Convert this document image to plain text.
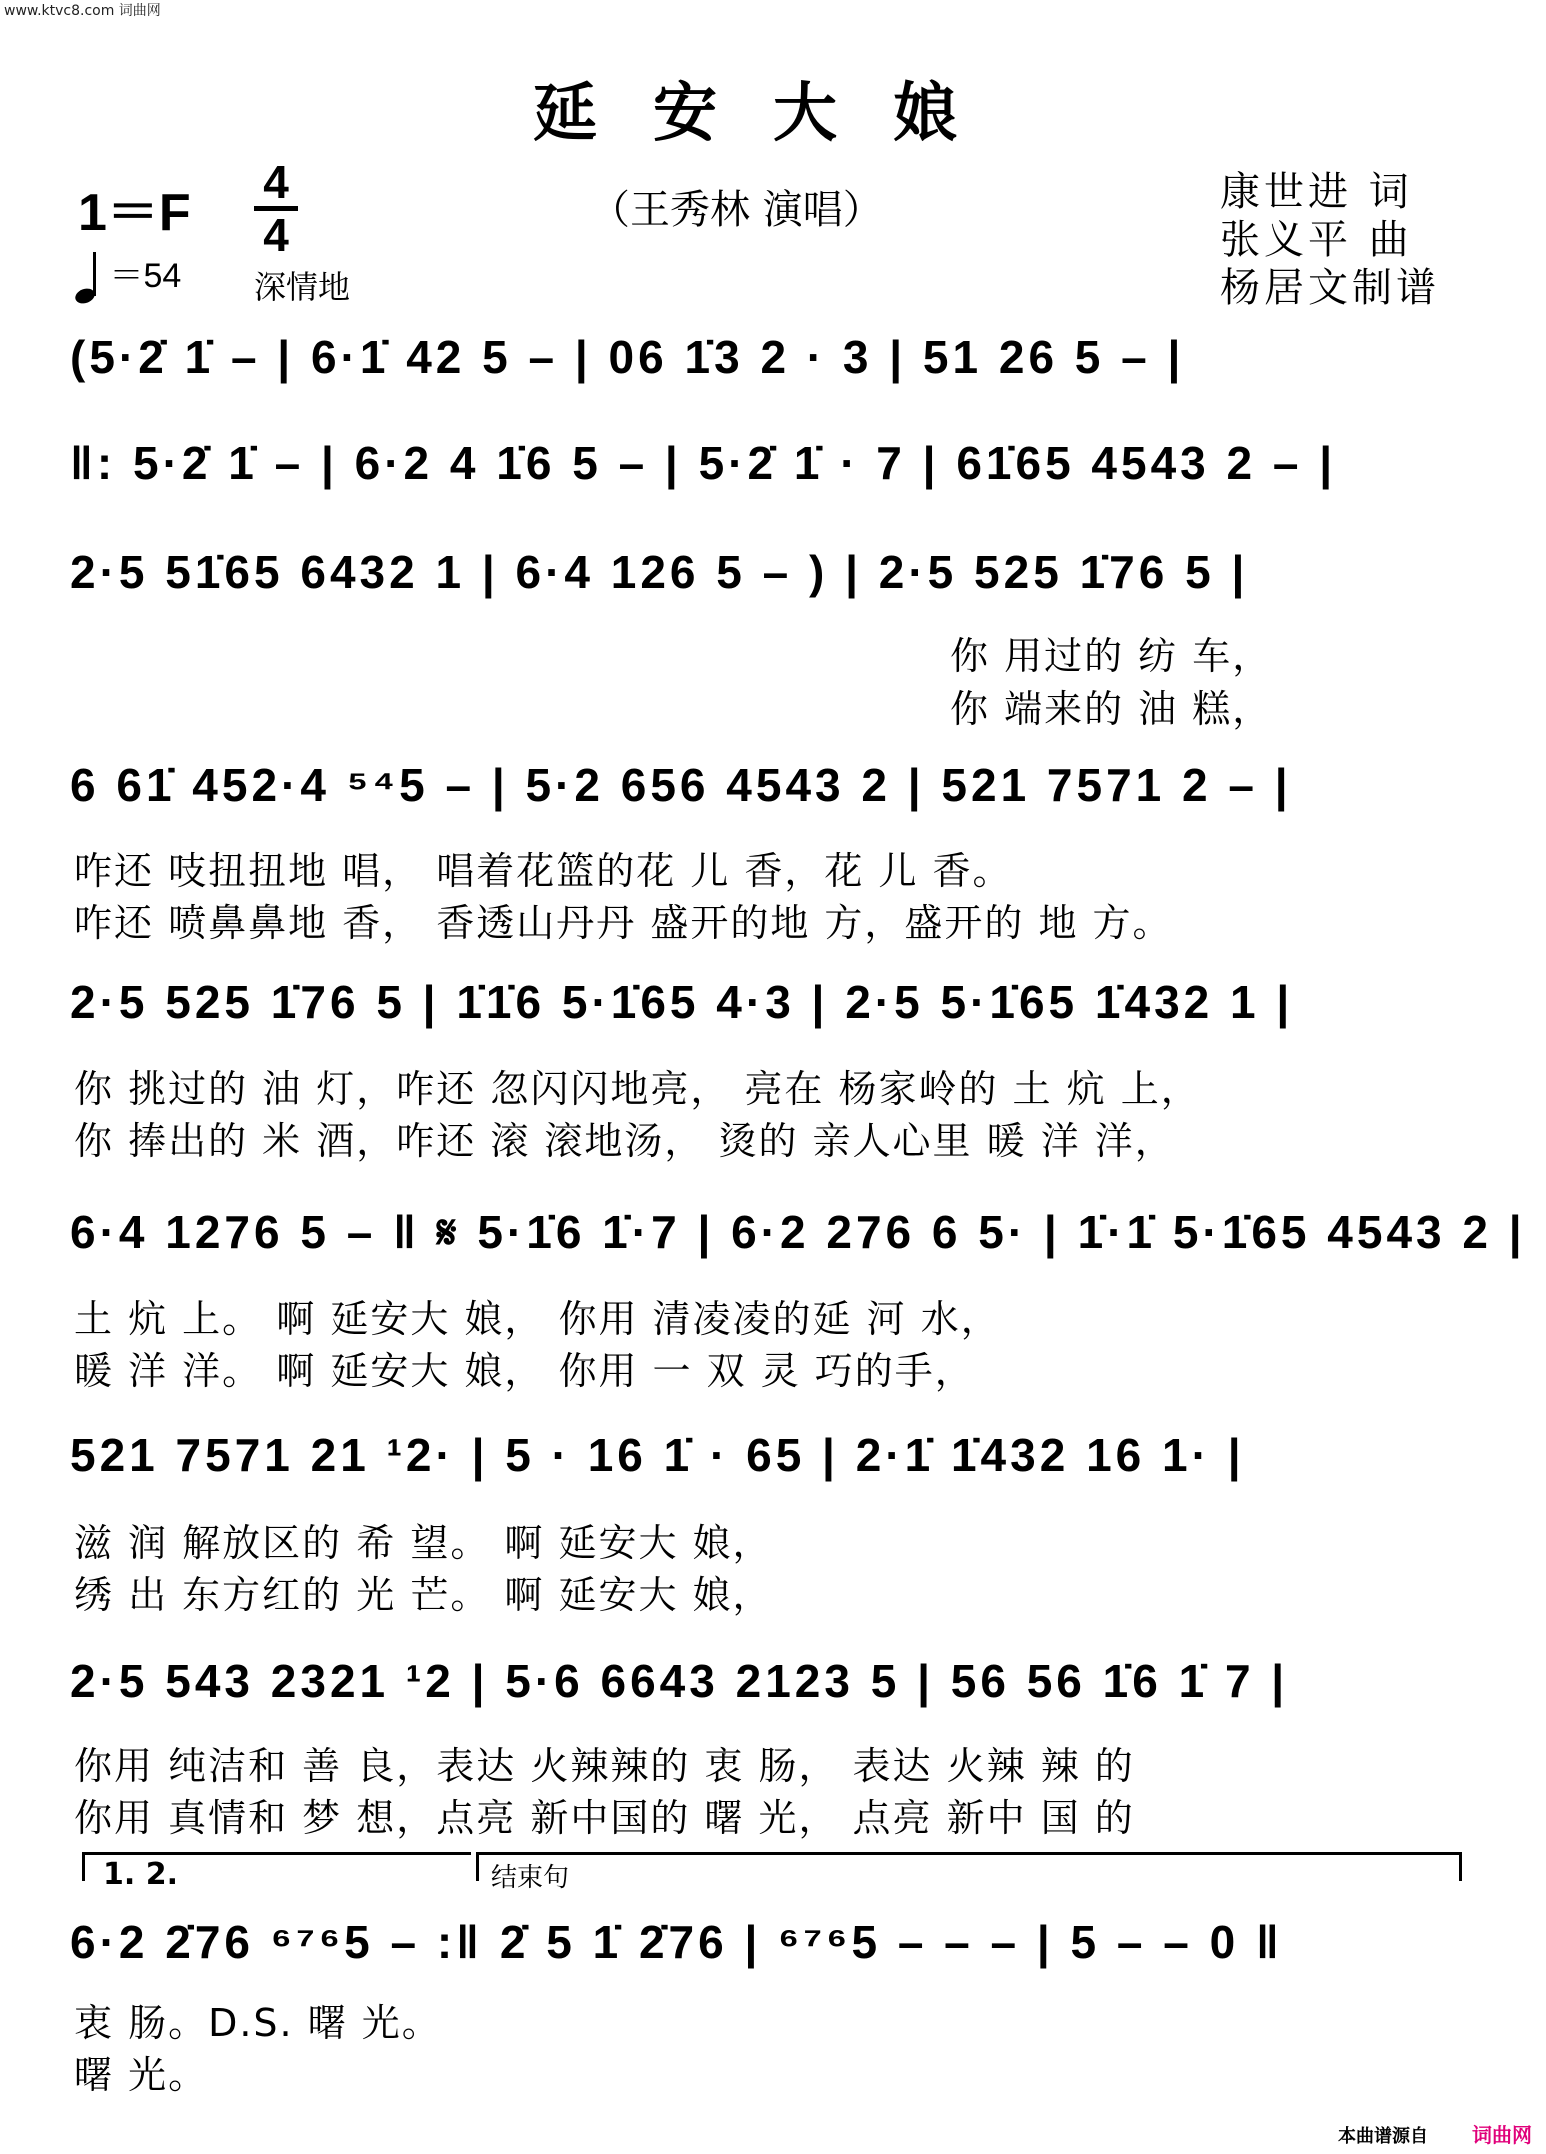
www.ktvc8.com 词曲网
延安大娘
1＝F
4
4	（王秀林 演唱）	康世进 词
张义平 曲
杨居文制谱
＝54 深情地
(5·2̇ 1̇ – | 6·1̇ 42 5 – | 06 1̇3 2 · 3 | 51 26 5 – |
‖: 5·2̇ 1̇ – | 6·2 4 1̇6 5 – | 5·2̇ 1̇ · 7 | 61̇65 4543 2 – |
2·5 51̇65 6432 1 | 6·4 126 5 – ) | 2·5 525 1̇76 5 |
你 用过的 纺 车，
你 端来的 油 糕，
6 61̇ 452·4 ⁵⁴5 – | 5·2 656 4543 2 | 521 7571 2 – |
咋还 吱扭扭地 唱， 唱着花篮的花 儿 香，花 儿 香。
咋还 喷鼻鼻地 香， 香透山丹丹 盛开的地 方，盛开的 地 方。
2·5 525 1̇76 5 | 1̇1̇6 5·1̇65 4·3 | 2·5 5·1̇65 1̇432 1 |
你 挑过的 油 灯，咋还 忽闪闪地亮， 亮在 杨家岭的 土 炕 上，
你 捧出的 米 酒，咋还 滚 滚地汤， 烫的 亲人心里 暖 洋 洋，
6·4 1276 5 – ‖ 𝄋 5·1̇6 1̇·7 | 6·2 276 6 5· | 1̇·1̇ 5·1̇65 4543 2 |
土 炕 上。 啊 延安大 娘， 你用 清凌凌的延 河 水，
暖 洋 洋。 啊 延安大 娘， 你用 一 双 灵 巧的手，
521 7571 21 ¹2· | 5 · 16 1̇ · 65 | 2·1̇ 1̇432 16 1· |
滋 润 解放区的 希 望。 啊 延安大 娘，
绣 出 东方红的 光 芒。 啊 延安大 娘，
2·5 543 2321 ¹2 | 5·6 6643 2123 5 | 56 56 1̇6 1̇ 7 |
你用 纯洁和 善 良，表达 火辣辣的 衷 肠， 表达 火辣 辣 的
你用 真情和 梦 想，点亮 新中国的 曙 光， 点亮 新中 国 的
1. 2.	结束句
6·2 2̇76 ⁶⁷⁶5 – :‖ 2̇ 5 1̇ 2̇76 | ⁶⁷⁶5 – – – | 5 – – 0 ‖
衷 肠。D.S. 曙 光。
曙 光。
本曲谱源自 词曲网
